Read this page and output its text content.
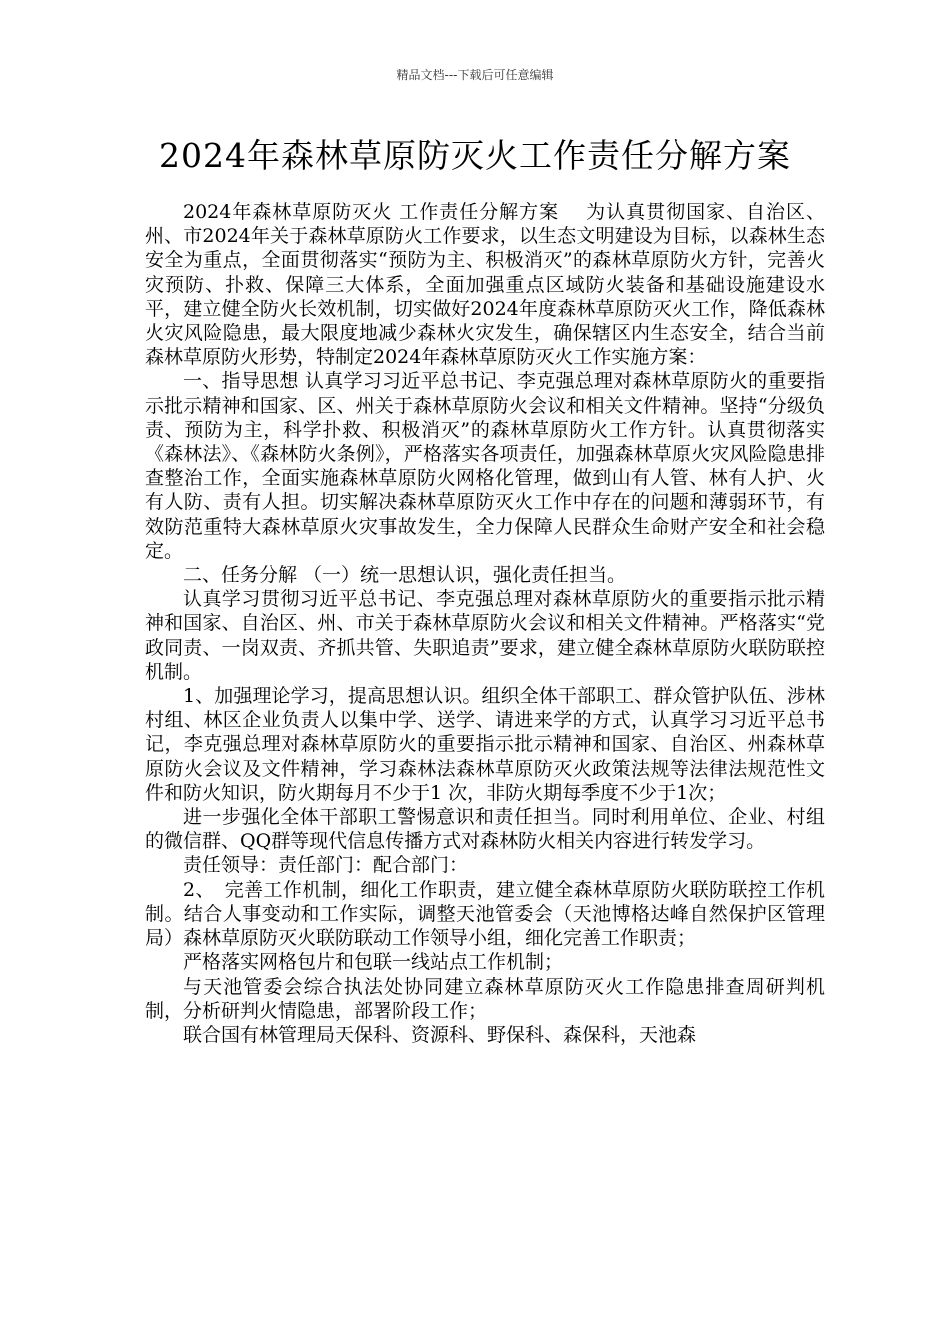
精品文档---下载后可任意编辑
2024年森林草原防灭火工作责任分解方案

2024年森林草原防灭火 工作责任分解方案　 为认真贯彻国家、自治区、州、市2024年关于森林草原防火工作要求，以生态文明建设为目标，以森林生态安全为重点，全面贯彻落实“预防为主、积极消灭”的森林草原防火方针，完善火灾预防、扑救、保障三大体系，全面加强重点区域防火装备和基础设施建设水平，建立健全防火长效机制，切实做好2024年度森林草原防灭火工作，降低森林火灾风险隐患，最大限度地减少森林火灾发生，确保辖区内生态安全，结合当前森林草原防火形势，特制定2024年森林草原防灭火工作实施方案：

一、指导思想 认真学习习近平总书记、李克强总理对森林草原防火的重要指示批示精神和国家、区、州关于森林草原防火会议和相关文件精神。坚持“分级负责、预防为主，科学扑救、积极消灭”的森林草原防火工作方针。认真贯彻落实《森林法》、《森林防火条例》，严格落实各项责任，加强森林草原火灾风险隐患排查整治工作，全面实施森林草原防火网格化管理，做到山有人管、林有人护、火有人防、责有人担。切实解决森林草原防灭火工作中存在的问题和薄弱环节，有效防范重特大森林草原火灾事故发生，全力保障人民群众生命财产安全和社会稳定。

二、任务分解 （一）统一思想认识，强化责任担当。

认真学习贯彻习近平总书记、李克强总理对森林草原防火的重要指示批示精神和国家、自治区、州、市关于森林草原防火会议和相关文件精神。严格落实“党政同责、一岗双责、齐抓共管、失职追责”要求，建立健全森林草原防火联防联控机制。

1、加强理论学习，提高思想认识。组织全体干部职工、群众管护队伍、涉林村组、林区企业负责人以集中学、送学、请进来学的方式，认真学习习近平总书记，李克强总理对森林草原防火的重要指示批示精神和国家、自治区、州森林草原防火会议及文件精神，学习森林法森林草原防灭火政策法规等法律法规范性文件和防火知识，防火期每月不少于1 次，非防火期每季度不少于1次；

进一步强化全体干部职工警惕意识和责任担当。同时利用单位、企业、村组的微信群、QQ群等现代信息传播方式对森林防火相关内容进行转发学习。

责任领导：责任部门：配合部门：

2、　完善工作机制，细化工作职责，建立健全森林草原防火联防联控工作机制。结合人事变动和工作实际，调整天池管委会（天池博格达峰自然保护区管理局）森林草原防灭火联防联动工作领导小组，细化完善工作职责；

严格落实网格包片和包联一线站点工作机制；

与天池管委会综合执法处协同建立森林草原防灭火工作隐患排查周研判机制，分析研判火情隐患，部署阶段工作；

联合国有林管理局天保科、资源科、野保科、森保科，天池森
